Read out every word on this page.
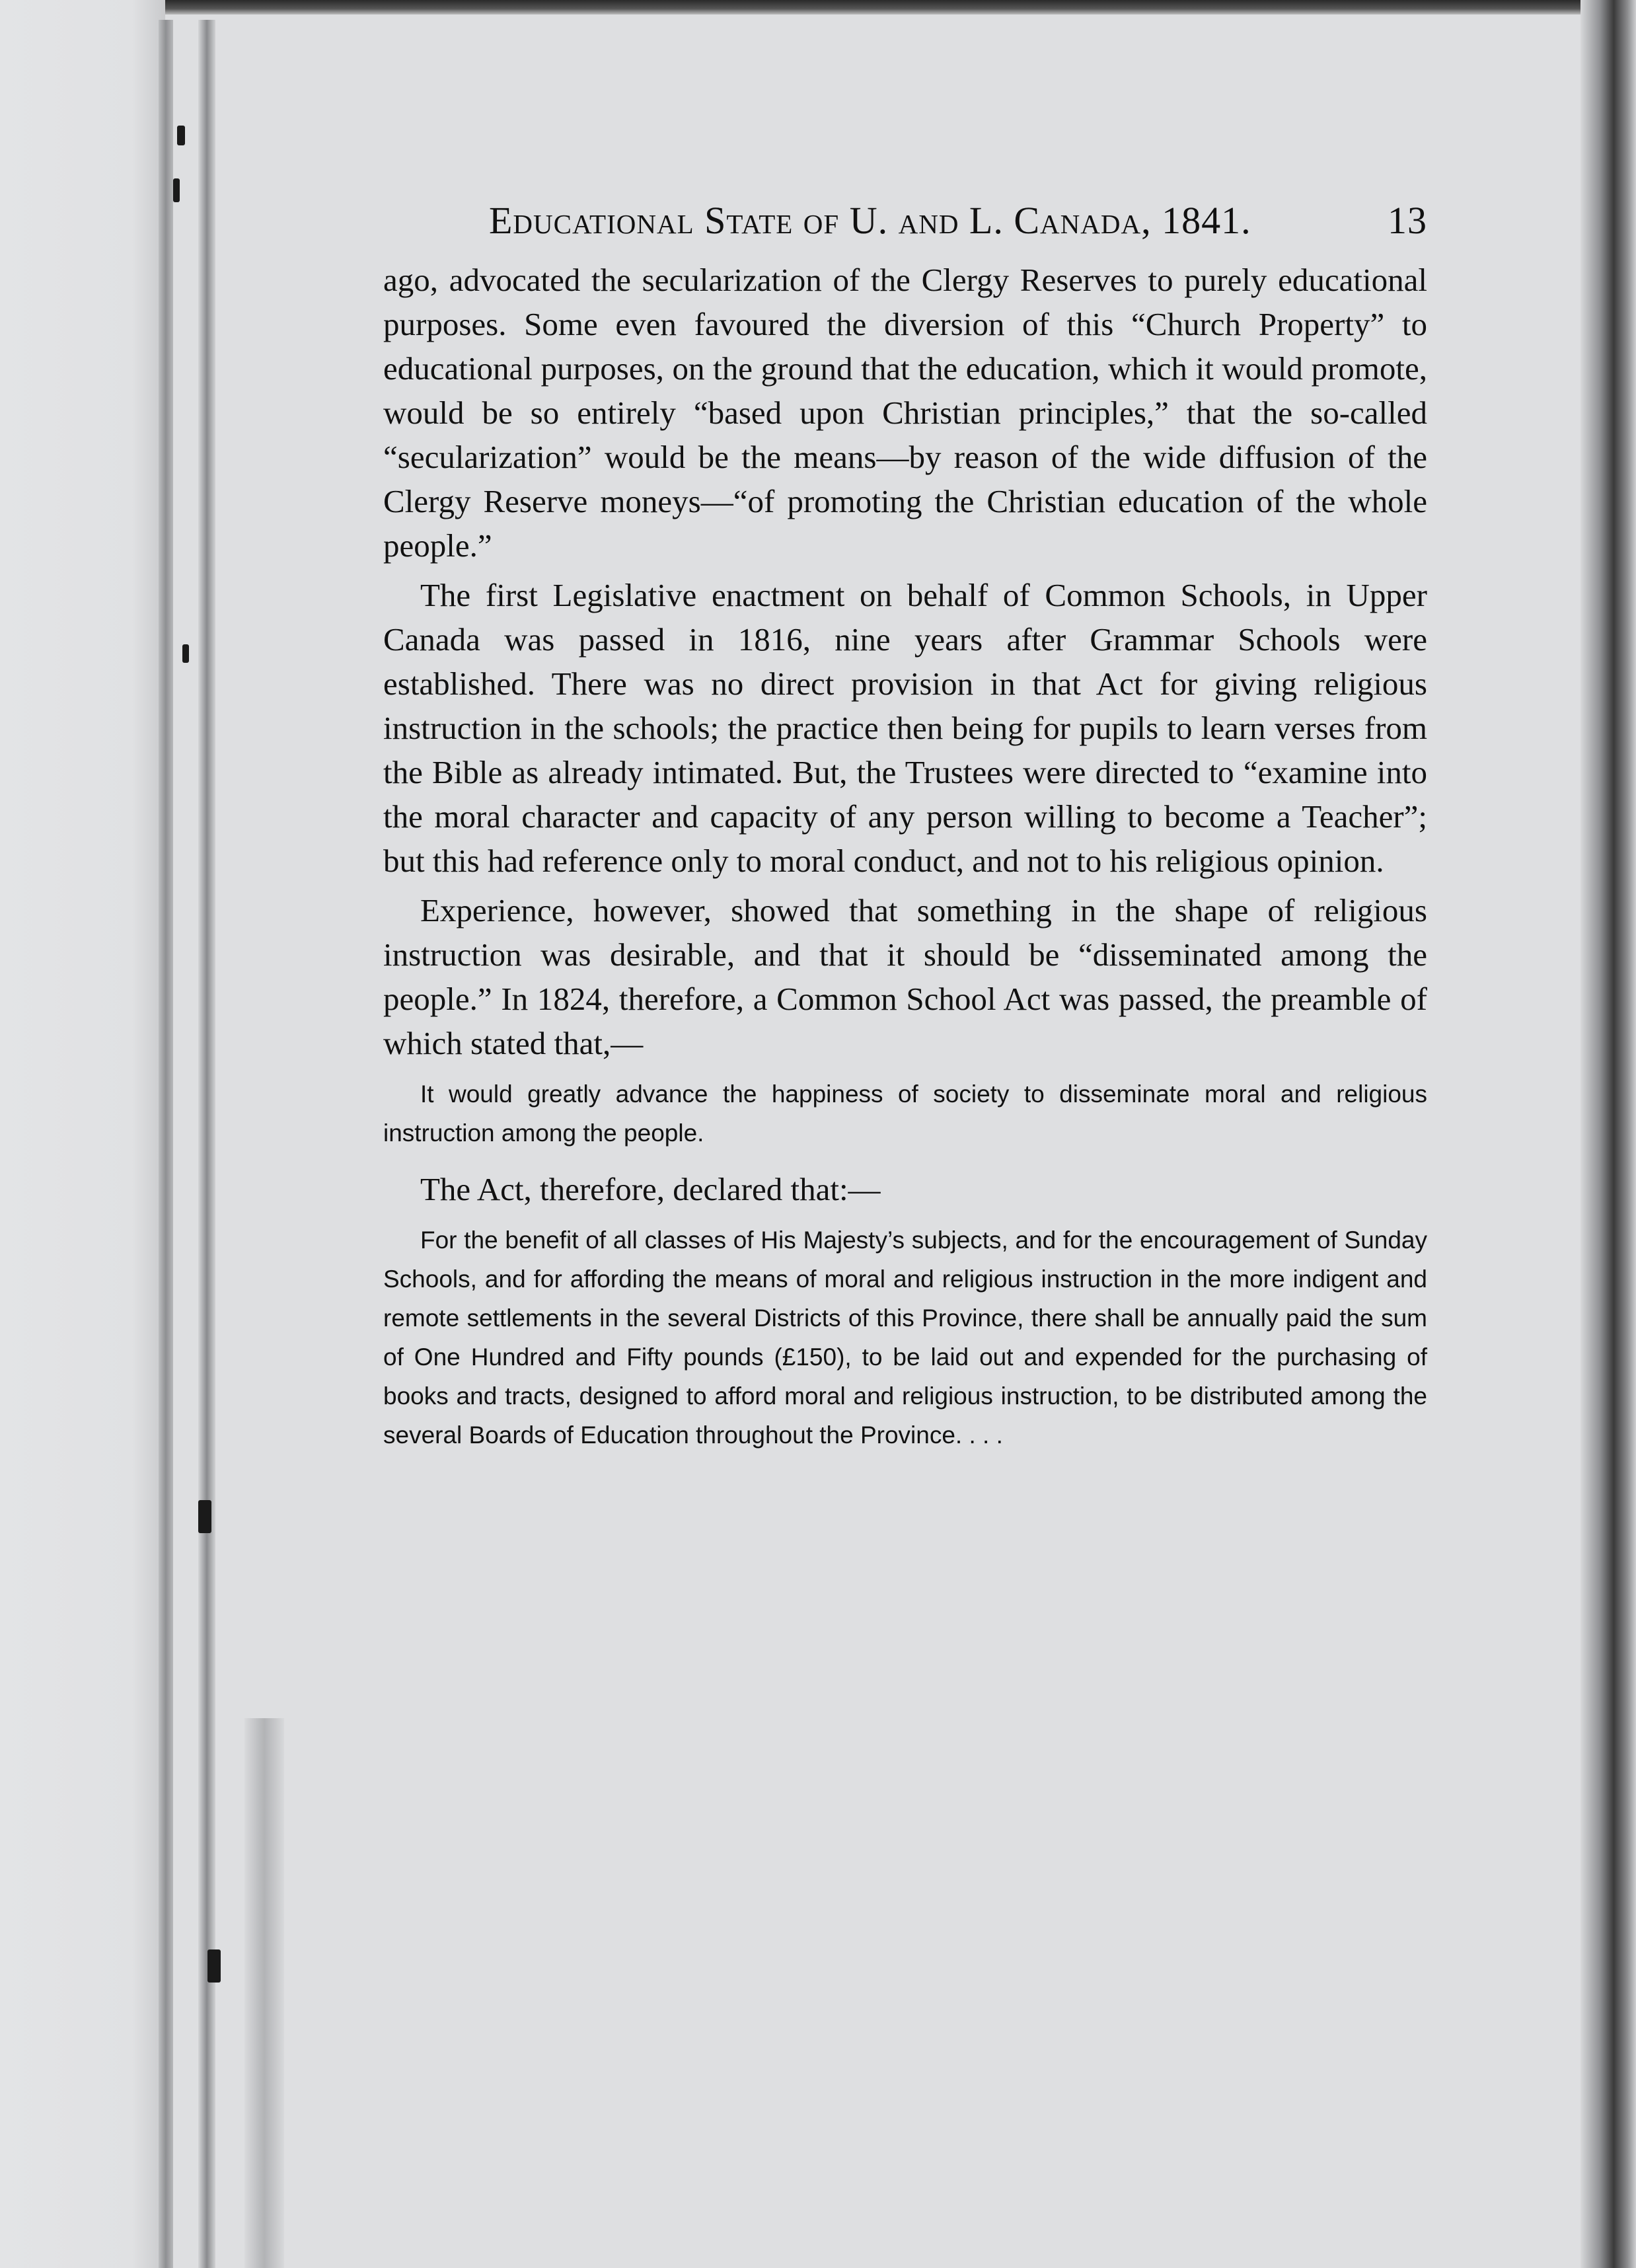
Educational State of U. and L. Canada, 1841.	13

ago, advocated the secularization of the Clergy Reserves to purely educational purposes. Some even favoured the diversion of this “Church Property” to educational purposes, on the ground that the education, which it would promote, would be so entirely “based upon Christian principles,” that the so-called “secularization” would be the means—by reason of the wide diffusion of the Clergy Reserve moneys—“of promoting the Christian education of the whole people.”

The first Legislative enactment on behalf of Common Schools, in Upper Canada was passed in 1816, nine years after Grammar Schools were established. There was no direct provision in that Act for giving religious instruction in the schools; the practice then being for pupils to learn verses from the Bible as already intimated. But, the Trustees were directed to “examine into the moral character and capacity of any person willing to become a Teacher”; but this had reference only to moral conduct, and not to his religious opinion.

Experience, however, showed that something in the shape of religious instruction was desirable, and that it should be “disseminated among the people.” In 1824, therefore, a Common School Act was passed, the preamble of which stated that,—

It would greatly advance the happiness of society to disseminate moral and religious instruction among the people.
The Act, therefore, declared that:—
For the benefit of all classes of His Majesty’s subjects, and for the encouragement of Sunday Schools, and for affording the means of moral and religious instruction in the more indigent and remote settlements in the several Districts of this Province, there shall be annually paid the sum of One Hundred and Fifty pounds (£150), to be laid out and expended for the purchasing of books and tracts, designed to afford moral and religious instruction, to be distributed among the several Boards of Education throughout the Province. . . .
